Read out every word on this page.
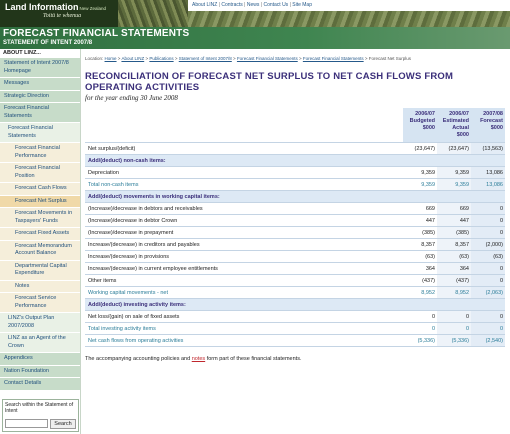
Land InformationNew Zealand
Toitū te whenua
About LINZ | Contracts | News | Contact Us | Site Map
FORECAST FINANCIAL STATEMENTS
STATEMENT OF INTENT 2007/8
ABOUT LINZ...
Statement of Intent 2007/8 Homepage
Messages
Strategic Direction
Forecast Financial Statements
Forecast Financial Statements
Forecast Financial Performance
Forecast Financial Position
Forecast Cash Flows
Forecast Net Surplus
Forecast Movements in Taxpayers' Funds
Forecast Fixed Assets
Forecast Memorandum Account Balance
Departmental Capital Expenditure
Notes
Forecast Service Performance
LINZ's Output Plan 2007/2008
LINZ as an Agent of the Crown
Appendices
Nation Foundation
Contact Details
Search within the Statement of Intent
Search
Location: Home > About LINZ > Publications > Statement of Intent 2007/8 > Forecast Financial Statements > Forecast Financial Statements > Forecast Net Surplus
RECONCILIATION OF FORECAST NET SURPLUS TO NET CASH FLOWS FROM OPERATING ACTIVITIES
for the year ending 30 June 2008
	2006/07
Budgeted
$000	2006/07
Estimated
Actual
$000	2007/08
Forecast
$000
Net surplus/(deficit)	(23,647)	(23,647)	(13,563)
Add/(deduct) non-cash items:			
Depreciation	9,359	9,359	13,086
Total non-cash items	9,359	9,359	13,086
Add/(deduct) movements in working capital items:			
(Increase)/decrease in debtors and receivables	669	669	0
(Increase)/decrease in debtor Crown	447	447	0
(Increase)/decrease in prepayment	(385)	(385)	0
Increase/(decrease) in creditors and payables	8,357	8,357	(2,000)
Increase/(decrease) in provisions	(63)	(63)	(63)
Increase/(decrease) in current employee entitlements	364	364	0
Other items	(437)	(437)	0
Working capital movements - net	8,952	8,952	(2,063)
Add/(deduct) investing activity items:			
Net loss/(gain) on sale of fixed assets	0	0	0
Total investing activity items	0	0	0
Net cash flows from operating activities	(5,336)	(5,336)	(2,540)
The accompanying accounting policies and notes form part of these financial statements.
